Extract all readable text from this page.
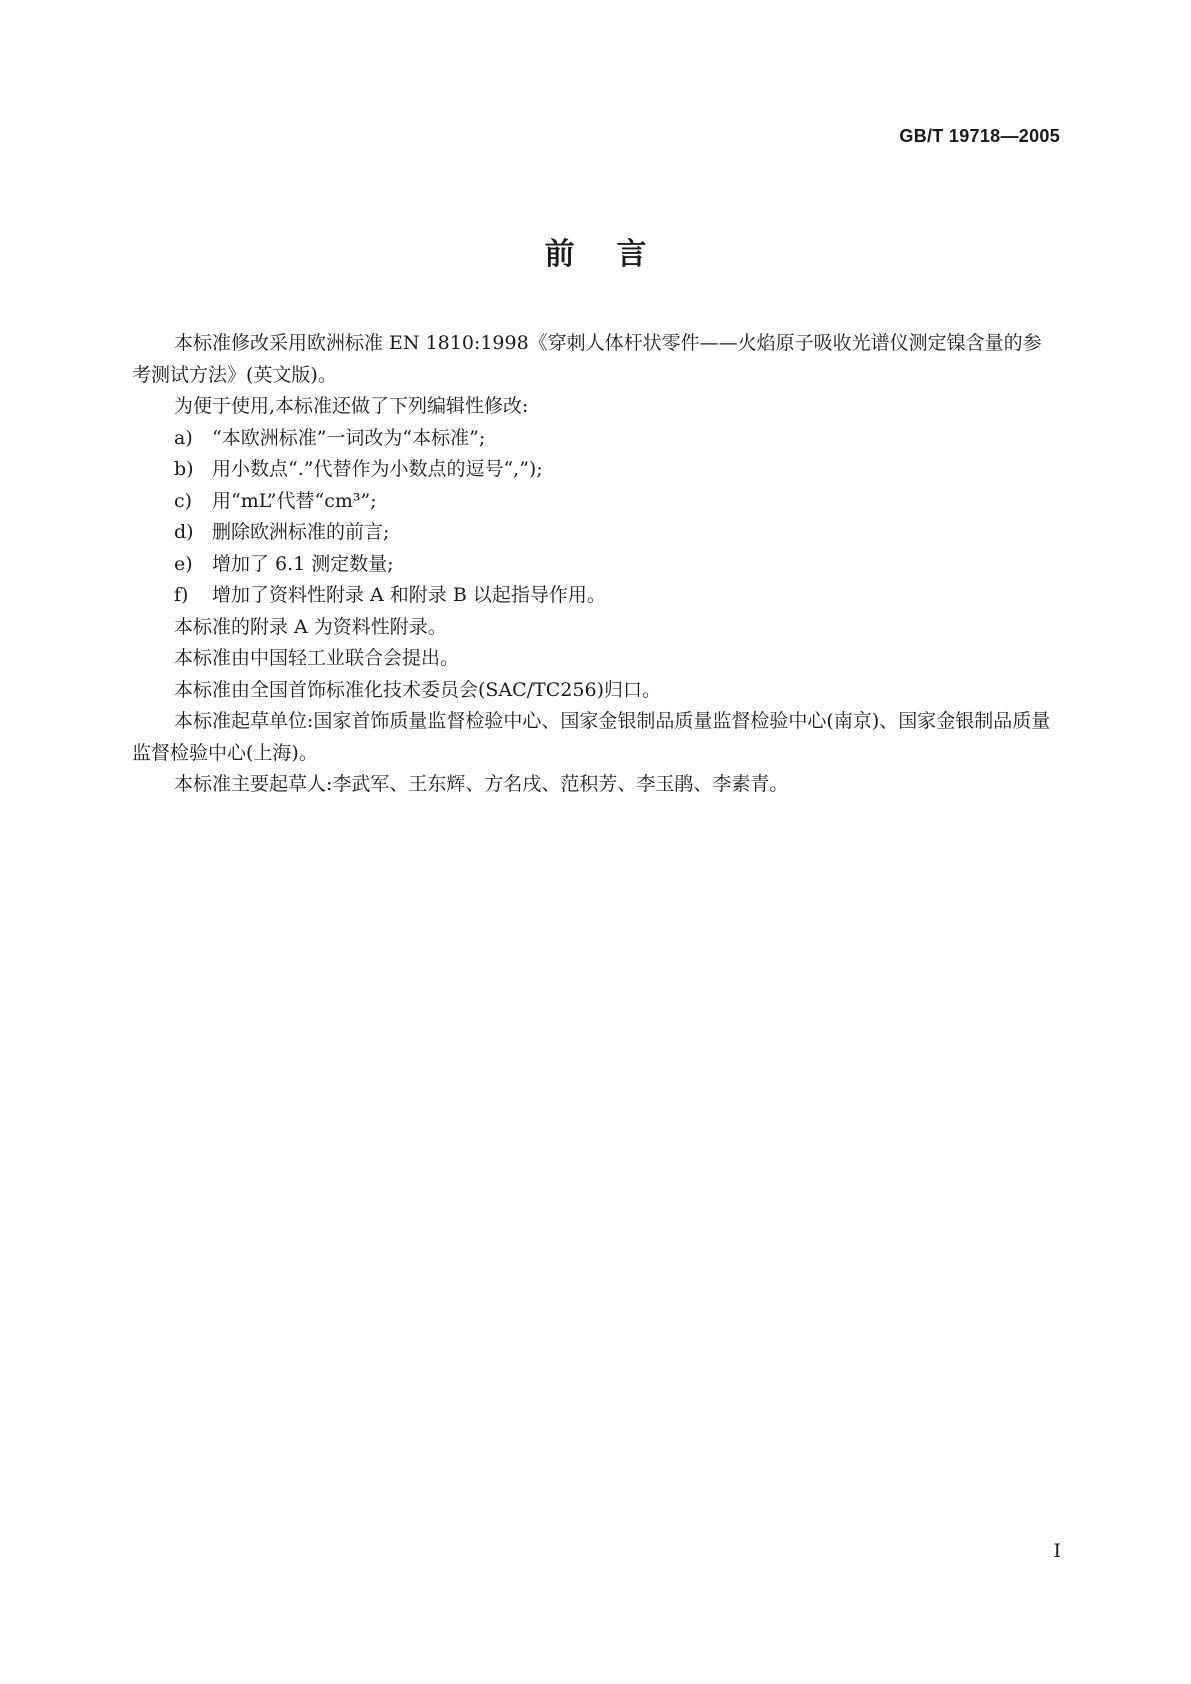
GB/T 19718—2005
前言

本标准修改采用欧洲标准 EN 1810:1998《穿刺人体杆状零件——火焰原子吸收光谱仪测定镍含量的参考测试方法》(英文版)。

为便于使用,本标准还做了下列编辑性修改:

a) “本欧洲标准”一词改为“本标准”;

b) 用小数点“.”代替作为小数点的逗号“,”);

c) 用“mL”代替“cm³”;

d) 删除欧洲标准的前言;

e) 增加了 6.1 测定数量;

f) 增加了资料性附录 A 和附录 B 以起指导作用。

本标准的附录 A 为资料性附录。

本标准由中国轻工业联合会提出。

本标准由全国首饰标准化技术委员会(SAC/TC256)归口。

本标准起草单位:国家首饰质量监督检验中心、国家金银制品质量监督检验中心(南京)、国家金银制品质量监督检验中心(上海)。

本标准主要起草人:李武军、王东辉、方名戌、范积芳、李玉鹃、李素青。

I
